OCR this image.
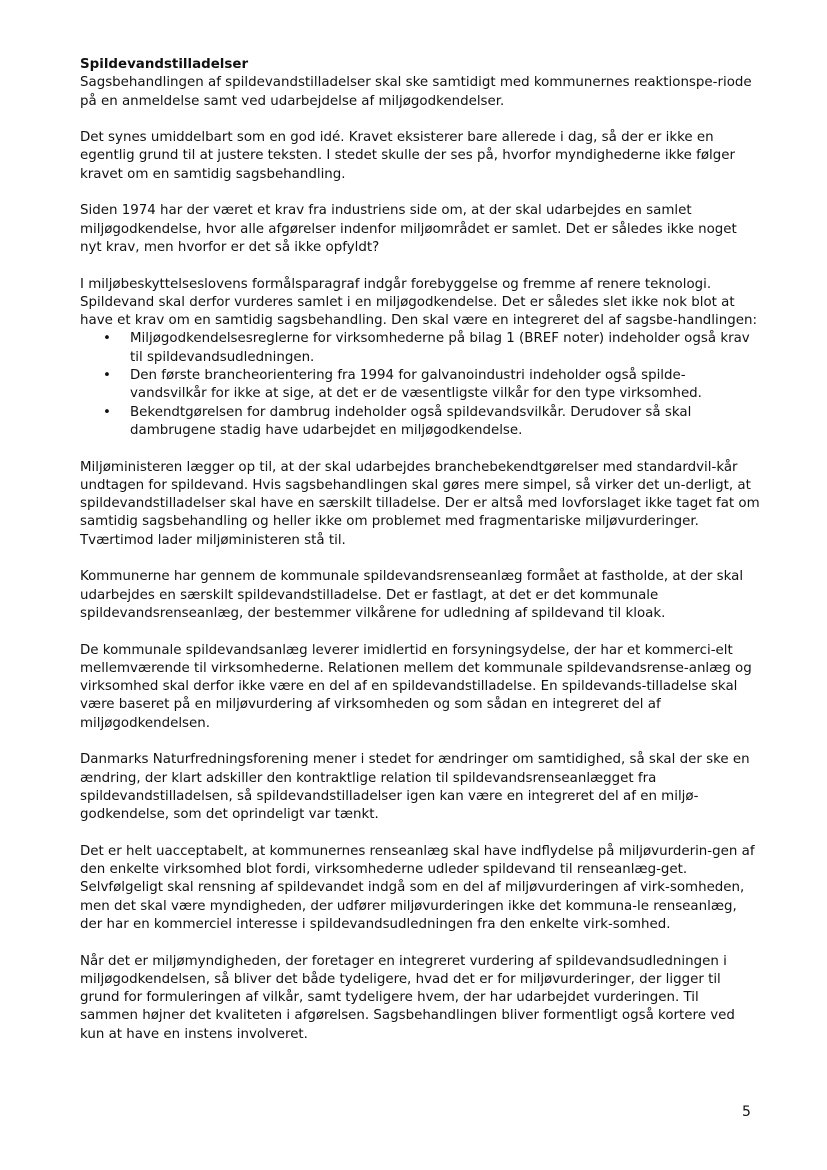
Spildevandstilladelser

Sagsbehandlingen af spildevandstilladelser skal ske samtidigt med kommunernes reaktionspe-riode på en anmeldelse samt ved udarbejdelse af miljøgodkendelser.

Det synes umiddelbart som en god idé. Kravet eksisterer bare allerede i dag, så der er ikke en egentlig grund til at justere teksten. I stedet skulle der ses på, hvorfor myndighederne ikke følger kravet om en samtidig sagsbehandling.

Siden 1974 har der været et krav fra industriens side om, at der skal udarbejdes en samlet miljøgodkendelse, hvor alle afgørelser indenfor miljøområdet er samlet. Det er således ikke noget nyt krav, men hvorfor er det så ikke opfyldt?

I miljøbeskyttelseslovens formålsparagraf indgår forebyggelse og fremme af renere teknologi. Spildevand skal derfor vurderes samlet i en miljøgodkendelse. Det er således slet ikke nok blot at have et krav om en samtidig sagsbehandling. Den skal være en integreret del af sagsbe-handlingen:

• Miljøgodkendelsesreglerne for virksomhederne på bilag 1 (BREF noter) indeholder også krav til spildevandsudledningen.
• Den første brancheorientering fra 1994 for galvanoindustri indeholder også spilde-vandsvilkår for ikke at sige, at det er de væsentligste vilkår for den type virksomhed.
• Bekendtgørelsen for dambrug indeholder også spildevandsvilkår. Derudover så skal dambrugene stadig have udarbejdet en miljøgodkendelse.

Miljøministeren lægger op til, at der skal udarbejdes branchebekendtgørelser med standardvil-kår undtagen for spildevand. Hvis sagsbehandlingen skal gøres mere simpel, så virker det un-derligt, at spildevandstilladelser skal have en særskilt tilladelse. Der er altså med lovforslaget ikke taget fat om samtidig sagsbehandling og heller ikke om problemet med fragmentariske miljøvurderinger. Tværtimod lader miljøministeren stå til.

Kommunerne har gennem de kommunale spildevandsrenseanlæg formået at fastholde, at der skal udarbejdes en særskilt spildevandstilladelse. Det er fastlagt, at det er det kommunale spildevandsrenseanlæg, der bestemmer vilkårene for udledning af spildevand til kloak.

De kommunale spildevandsanlæg leverer imidlertid en forsyningsydelse, der har et kommerci-elt mellemværende til virksomhederne. Relationen mellem det kommunale spildevandsrense-anlæg og virksomhed skal derfor ikke være en del af en spildevandstilladelse. En spildevands-tilladelse skal være baseret på en miljøvurdering af virksomheden og som sådan en integreret del af miljøgodkendelsen.

Danmarks Naturfredningsforening mener i stedet for ændringer om samtidighed, så skal der ske en ændring, der klart adskiller den kontraktlige relation til spildevandsrenseanlægget fra spildevandstilladelsen, så spildevandstilladelser igen kan være en integreret del af en miljø-godkendelse, som det oprindeligt var tænkt.

Det er helt uacceptabelt, at kommunernes renseanlæg skal have indflydelse på miljøvurderin-gen af den enkelte virksomhed blot fordi, virksomhederne udleder spildevand til renseanlæg-get. Selvfølgeligt skal rensning af spildevandet indgå som en del af miljøvurderingen af virk-somheden, men det skal være myndigheden, der udfører miljøvurderingen ikke det kommuna-le renseanlæg, der har en kommerciel interesse i spildevandsudledningen fra den enkelte virk-somhed.

Når det er miljømyndigheden, der foretager en integreret vurdering af spildevandsudledningen i miljøgodkendelsen, så bliver det både tydeligere, hvad det er for miljøvurderinger, der ligger til grund for formuleringen af vilkår, samt tydeligere hvem, der har udarbejdet vurderingen. Til sammen højner det kvaliteten i afgørelsen. Sagsbehandlingen bliver formentligt også kortere ved kun at have en instens involveret.

5
